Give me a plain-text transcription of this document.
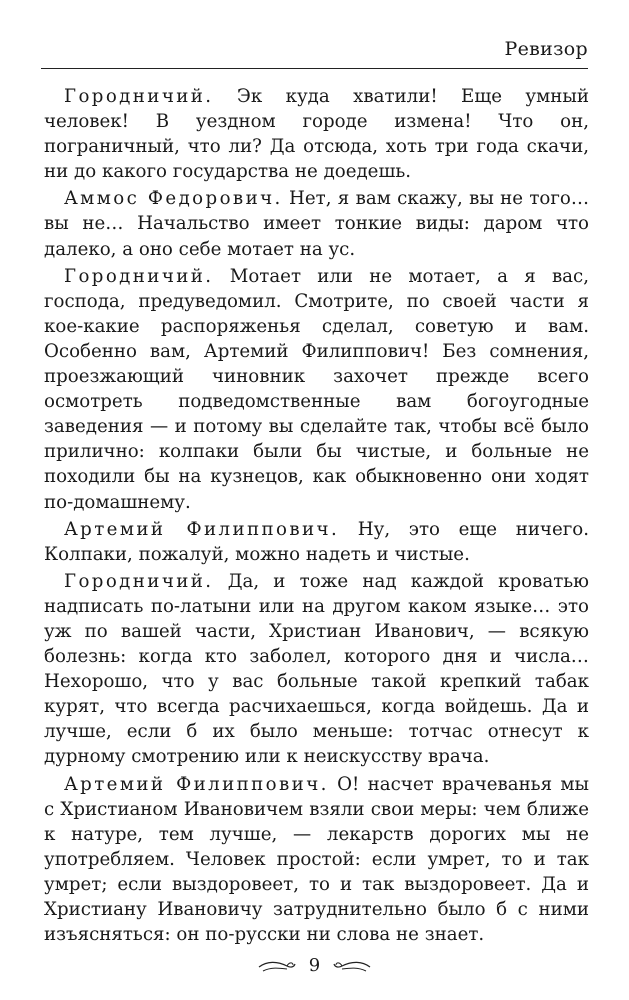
Ревизор

Городничий. Эк куда хватили! Еще умный человек! В уездном городе измена! Что он, пограничный, что ли? Да отсюда, хоть три года скачи, ни до какого государства не доедешь.

Аммос Федорович. Нет, я вам скажу, вы не того… вы не… Начальство имеет тонкие виды: даром что далеко, а оно себе мотает на ус.

Городничий. Мотает или не мотает, а я вас, господа, предуведомил. Смотрите, по своей части я кое-какие распоряженья сделал, советую и вам. Особенно вам, Артемий Филиппович! Без сомнения, проезжающий чиновник захочет прежде всего осмотреть подведомственные вам богоугодные заведения — и потому вы сделайте так, чтобы всё было прилично: колпаки были бы чистые, и больные не походили бы на кузнецов, как обыкновенно они ходят по-домашнему.

Артемий Филиппович. Ну, это еще ничего. Колпаки, пожалуй, можно надеть и чистые.

Городничий. Да, и тоже над каждой кроватью надписать по-латыни или на другом каком языке… это уж по вашей части, Христиан Иванович, — всякую болезнь: когда кто заболел, которого дня и числа… Нехорошо, что у вас больные такой крепкий табак курят, что всегда расчихаешься, когда войдешь. Да и лучше, если б их было меньше: тотчас отнесут к дурному смотрению или к неискусству врача.

Артемий Филиппович. О! насчет врачеванья мы с Христианом Ивановичем взяли свои меры: чем ближе к натуре, тем лучше, — лекарств дорогих мы не употребляем. Человек простой: если умрет, то и так умрет; если выздоровеет, то и так выздоровеет. Да и Христиану Ивановичу затруднительно было б с ними изъясняться: он по-русски ни слова не знает.

9
